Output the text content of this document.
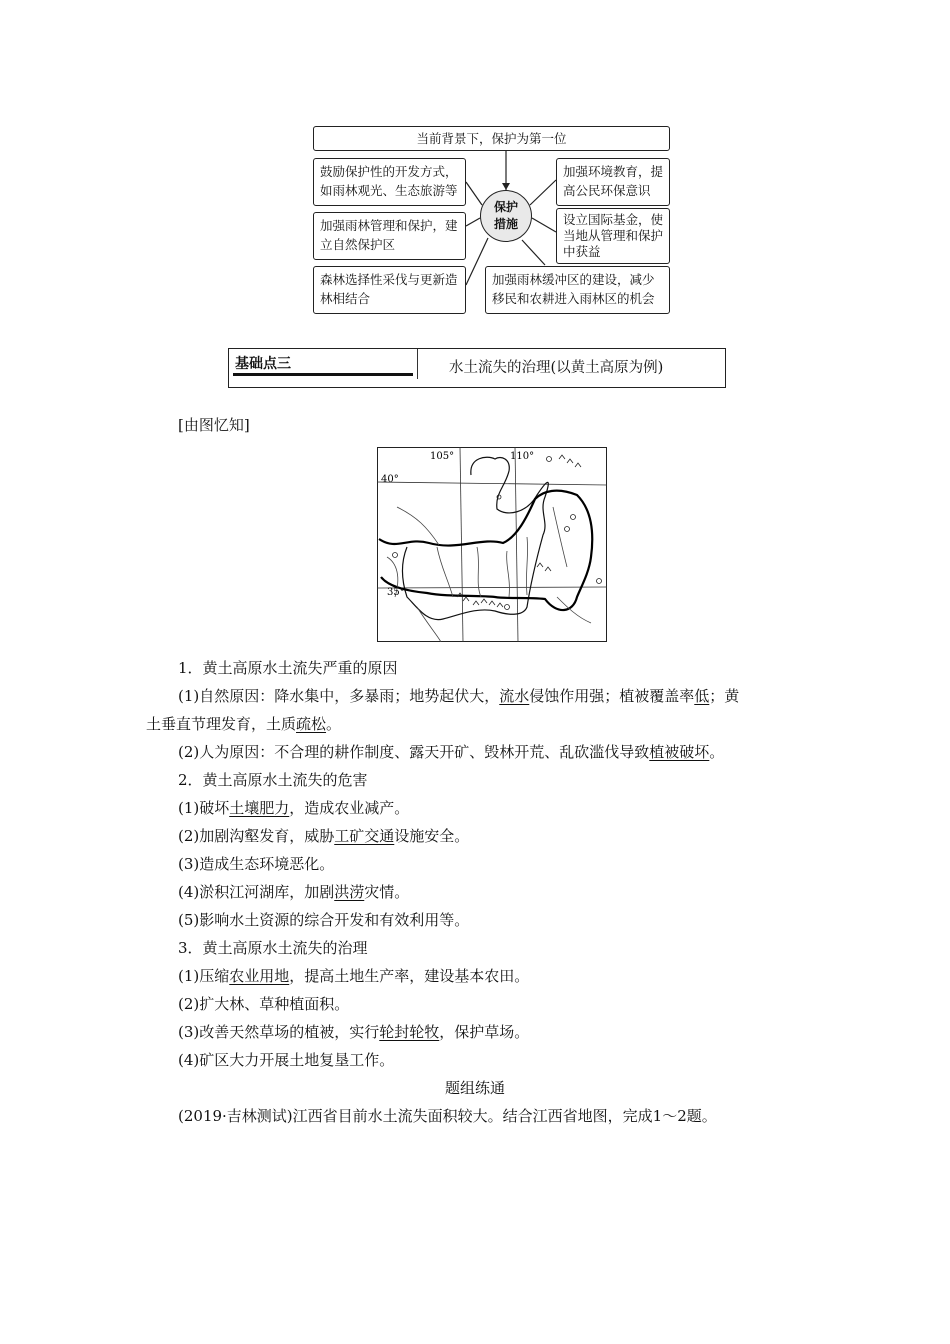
当前背景下，保护为第一位
保护
措施
鼓励保护性的开发方式，
如雨林观光、生态旅游等
加强雨林管理和保护，建
立自然保护区
森林选择性采伐与更新造
林相结合
加强环境教育，提
高公民环保意识
设立国际基金，使
当地从管理和保护
中获益
加强雨林缓冲区的建设，减少
移民和农耕进入雨林区的机会
基础点三	水土流失的治理(以黄土高原为例)
[由图忆知]
105°	110°
40°
35°
1．黄土高原水土流失严重的原因
(1)自然原因：降水集中，多暴雨；地势起伏大，流水侵蚀作用强；植被覆盖率低；黄
土垂直节理发育，土质疏松。
(2)人为原因：不合理的耕作制度、露天开矿、毁林开荒、乱砍滥伐导致植被破坏。
2．黄土高原水土流失的危害
(1)破坏土壤肥力，造成农业减产。
(2)加剧沟壑发育，威胁工矿交通设施安全。
(3)造成生态环境恶化。
(4)淤积江河湖库，加剧洪涝灾情。
(5)影响水土资源的综合开发和有效利用等。
3．黄土高原水土流失的治理
(1)压缩农业用地，提高土地生产率，建设基本农田。
(2)扩大林、草种植面积。
(3)改善天然草场的植被，实行轮封轮牧，保护草场。
(4)矿区大力开展土地复垦工作。
题组练通
(2019·吉林测试)江西省目前水土流失面积较大。结合江西省地图，完成1～2题。
